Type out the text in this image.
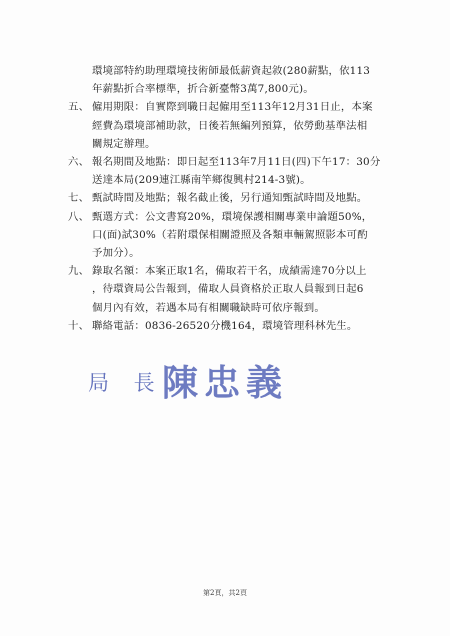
環境部特約助理環境技術師最低薪資起敘(280薪點，依113
年薪點折合率標準，折合新臺幣3萬7,800元)。
五、 僱用期限：自實際到職日起僱用至113年12月31日止，本案
經費為環境部補助款，日後若無編列預算，依勞動基準法相
關規定辦理。
六、 報名期間及地點：即日起至113年7月11日(四)下午17：30分
送達本局(209連江縣南竿鄉復興村214-3號)。
七、 甄試時間及地點；報名截止後，另行通知甄試時間及地點。
八、 甄選方式：公文書寫20%，環境保護相關專業申論題50%，
口(面)試30%（若附環保相關證照及各類車輛駕照影本可酌
予加分）。
九、 錄取名額：本案正取1名，備取若干名，成績需達70分以上
，待環資局公告報到，備取人員資格於正取人員報到日起6
個月內有效，若遇本局有相關職缺時可依序報到。
十、 聯絡電話：0836-26520分機164，環境管理科林先生。
局 長
陳忠義
第2頁，共2頁
